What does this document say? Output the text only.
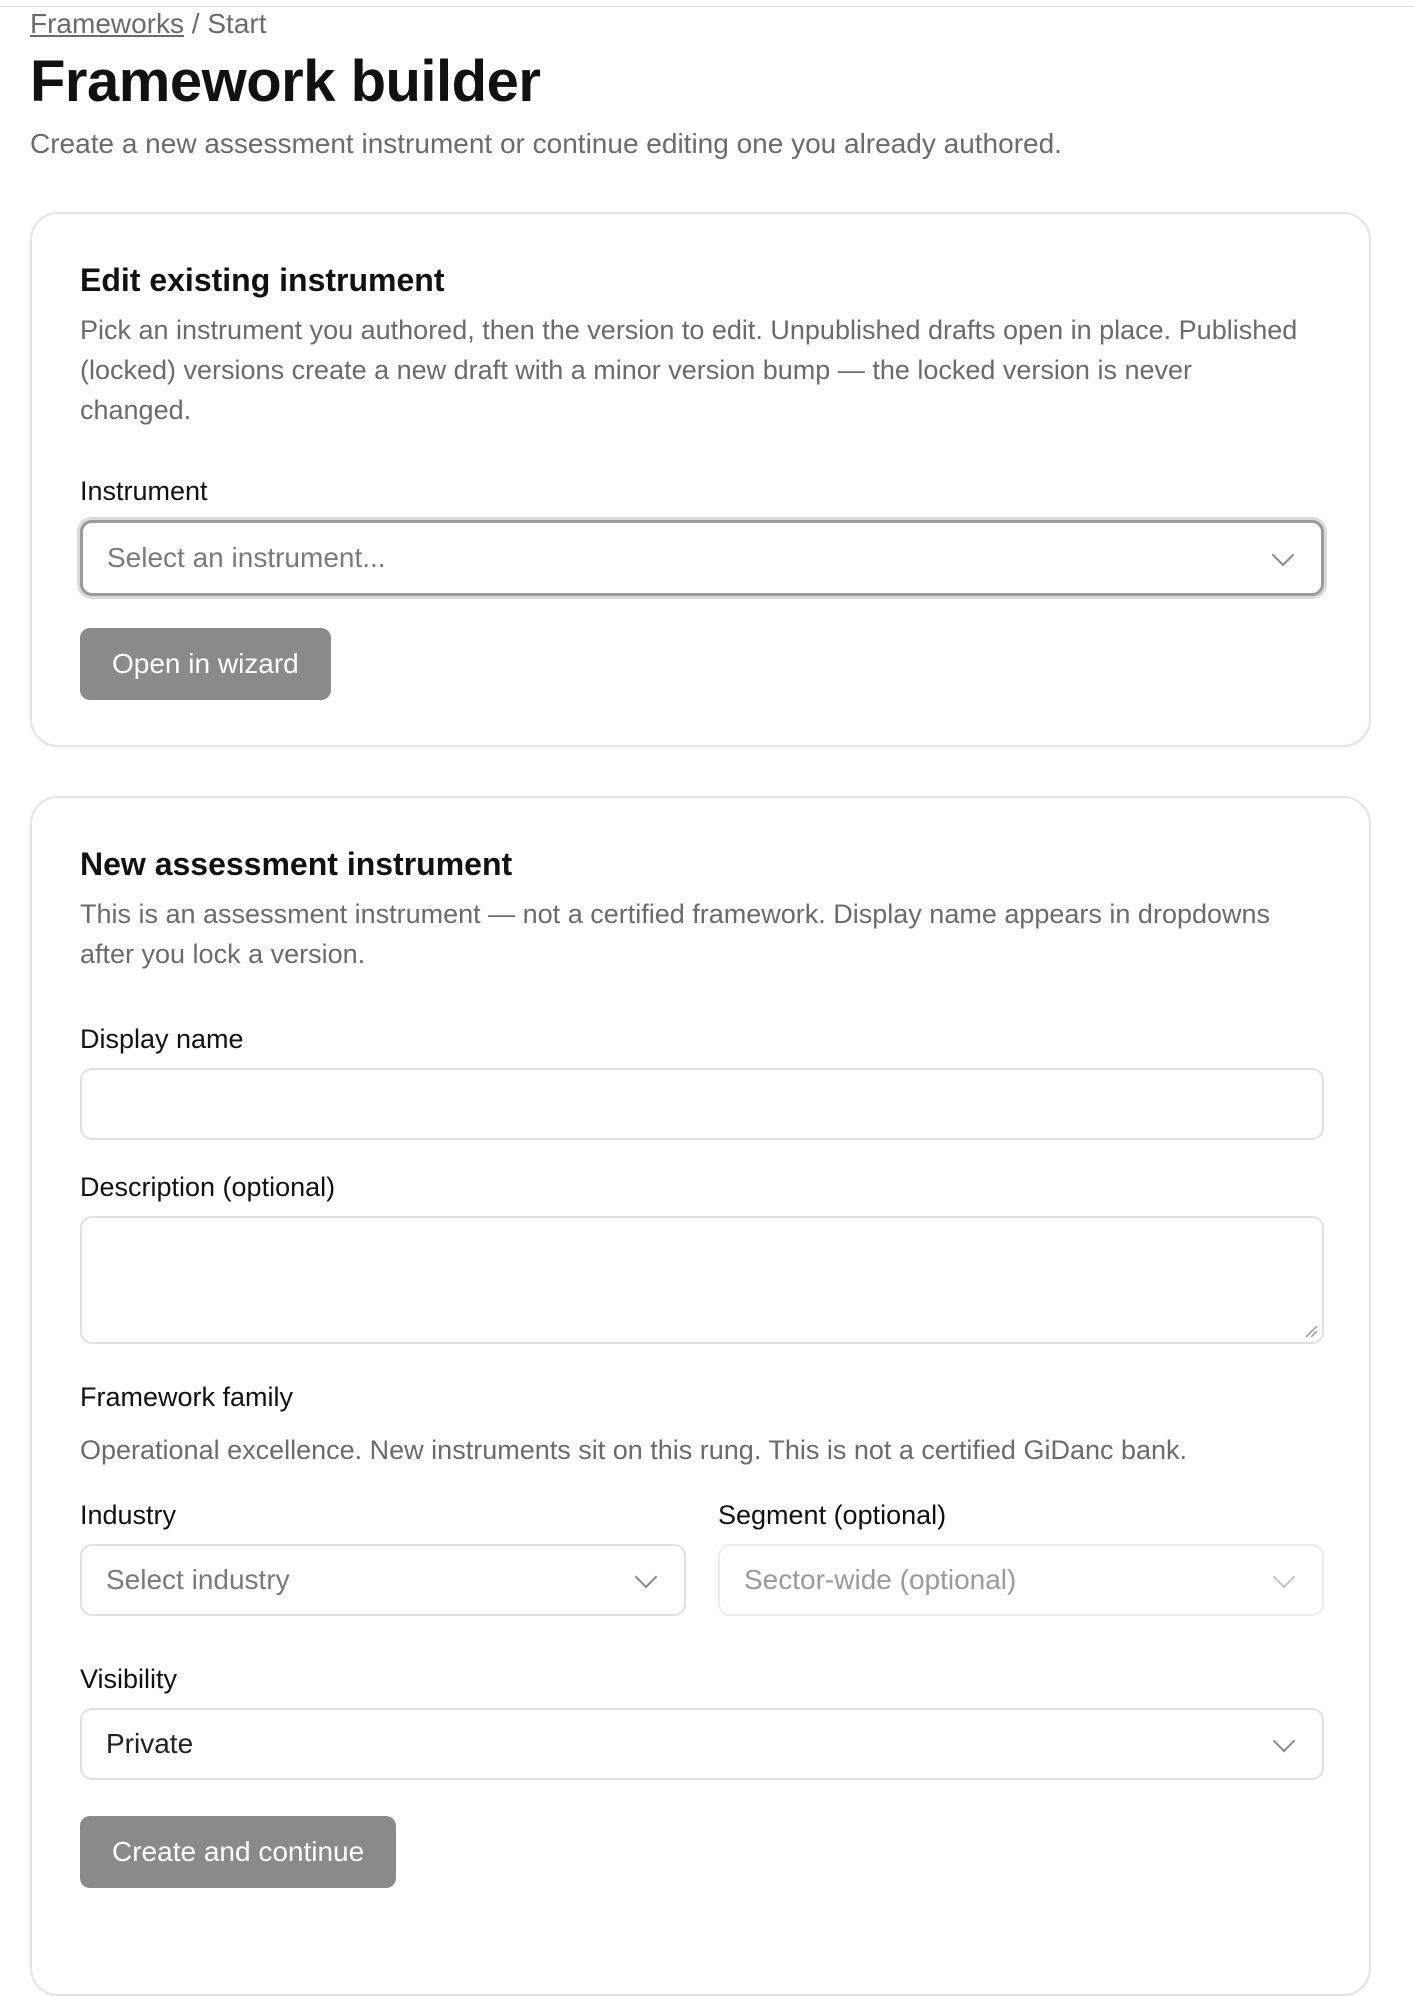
Frameworks / Start
Framework builder
Create a new assessment instrument or continue editing one you already authored.
Edit existing instrument
Pick an instrument you authored, then the version to edit. Unpublished drafts open in place. Published (locked) versions create a new draft with a minor version bump — the locked version is never changed.
Instrument
Select an instrument...
Open in wizard
New assessment instrument
This is an assessment instrument — not a certified framework. Display name appears in dropdowns after you lock a version.
Display name
Description (optional)
Framework family
Operational excellence. New instruments sit on this rung. This is not a certified GiDanc bank.
Industry
Select industry
Segment (optional)
Sector-wide (optional)
Visibility
Private
Create and continue
